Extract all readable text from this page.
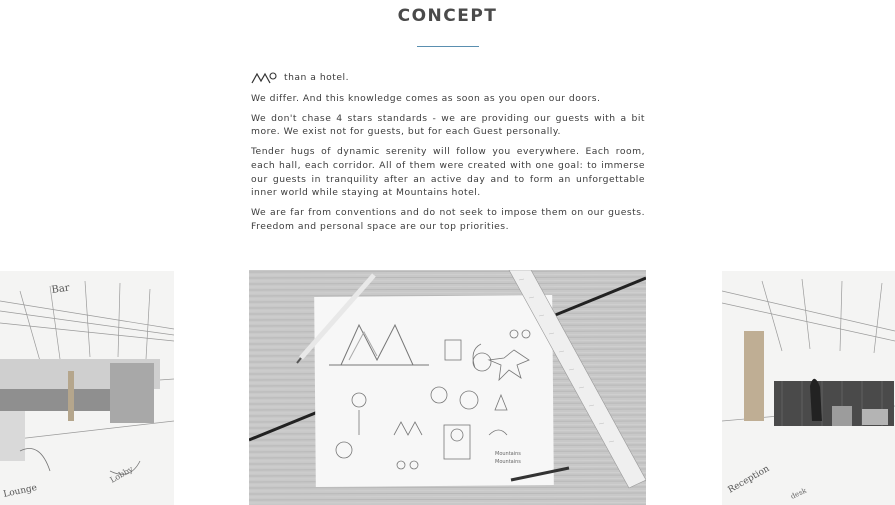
CONCEPT

than a hotel.

We differ. And this knowledge comes as soon as you open our doors.

We don't chase 4 stars standards - we are providing our guests with a bit more. We exist not for guests, but for each Guest personally.

Tender hugs of dynamic serenity will follow you everywhere. Each room, each hall, each corridor. All of them were created with one goal: to immerse our guests in tranquility after an active day and to form an unforgettable inner world while staying at Mountains hotel.

We are far from conventions and do not seek to impose them on our guests. Freedom and personal space are our top priorities.

Bar
Lounge
Lobby
Mountains
Mountains
Reception	desk
